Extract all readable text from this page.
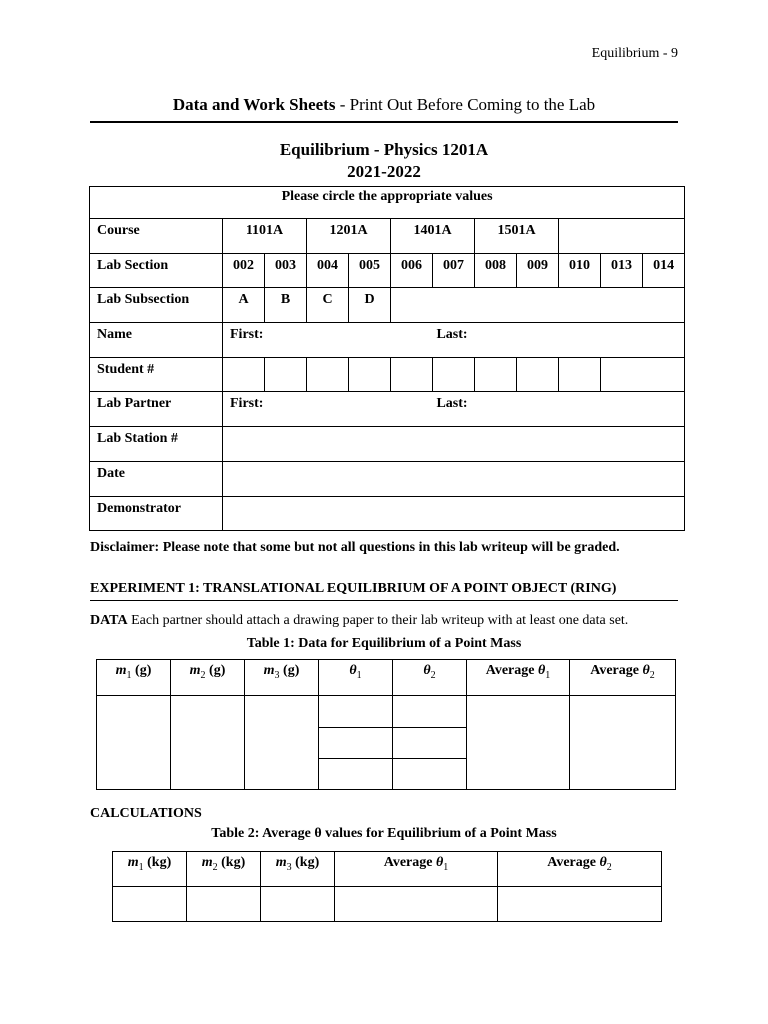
Equilibrium - 9
Data and Work Sheets - Print Out Before Coming to the Lab
Equilibrium - Physics 1201A
2021-2022
Please circle the appropriate values											
Course	1101A		1201A		1401A		1501A				
Lab Section	002	003	004	005	006	007	008	009	010	013	014
Lab Subsection	A	B	C	D							
Name	First: Last:										
Student #											
Lab Partner	First: Last:										
Lab Station #											
Date											
Demonstrator											
Disclaimer: Please note that some but not all questions in this lab writeup will be graded.
EXPERIMENT 1: TRANSLATIONAL EQUILIBRIUM OF A POINT OBJECT (RING)
DATA Each partner should attach a drawing paper to their lab writeup with at least one data set.
Table 1: Data for Equilibrium of a Point Mass
$m_1$ (g)	$m_2$ (g)	$m_3$ (g)	$\theta_1$	$\theta_2$	Average $\theta_1$	Average $\theta_2$

CALCULATIONS
Table 2: Average θ values for Equilibrium of a Point Mass
$m_1$ (kg)	$m_2$ (kg)	$m_3$ (kg)	Average $\theta_1$	Average $\theta_2$
